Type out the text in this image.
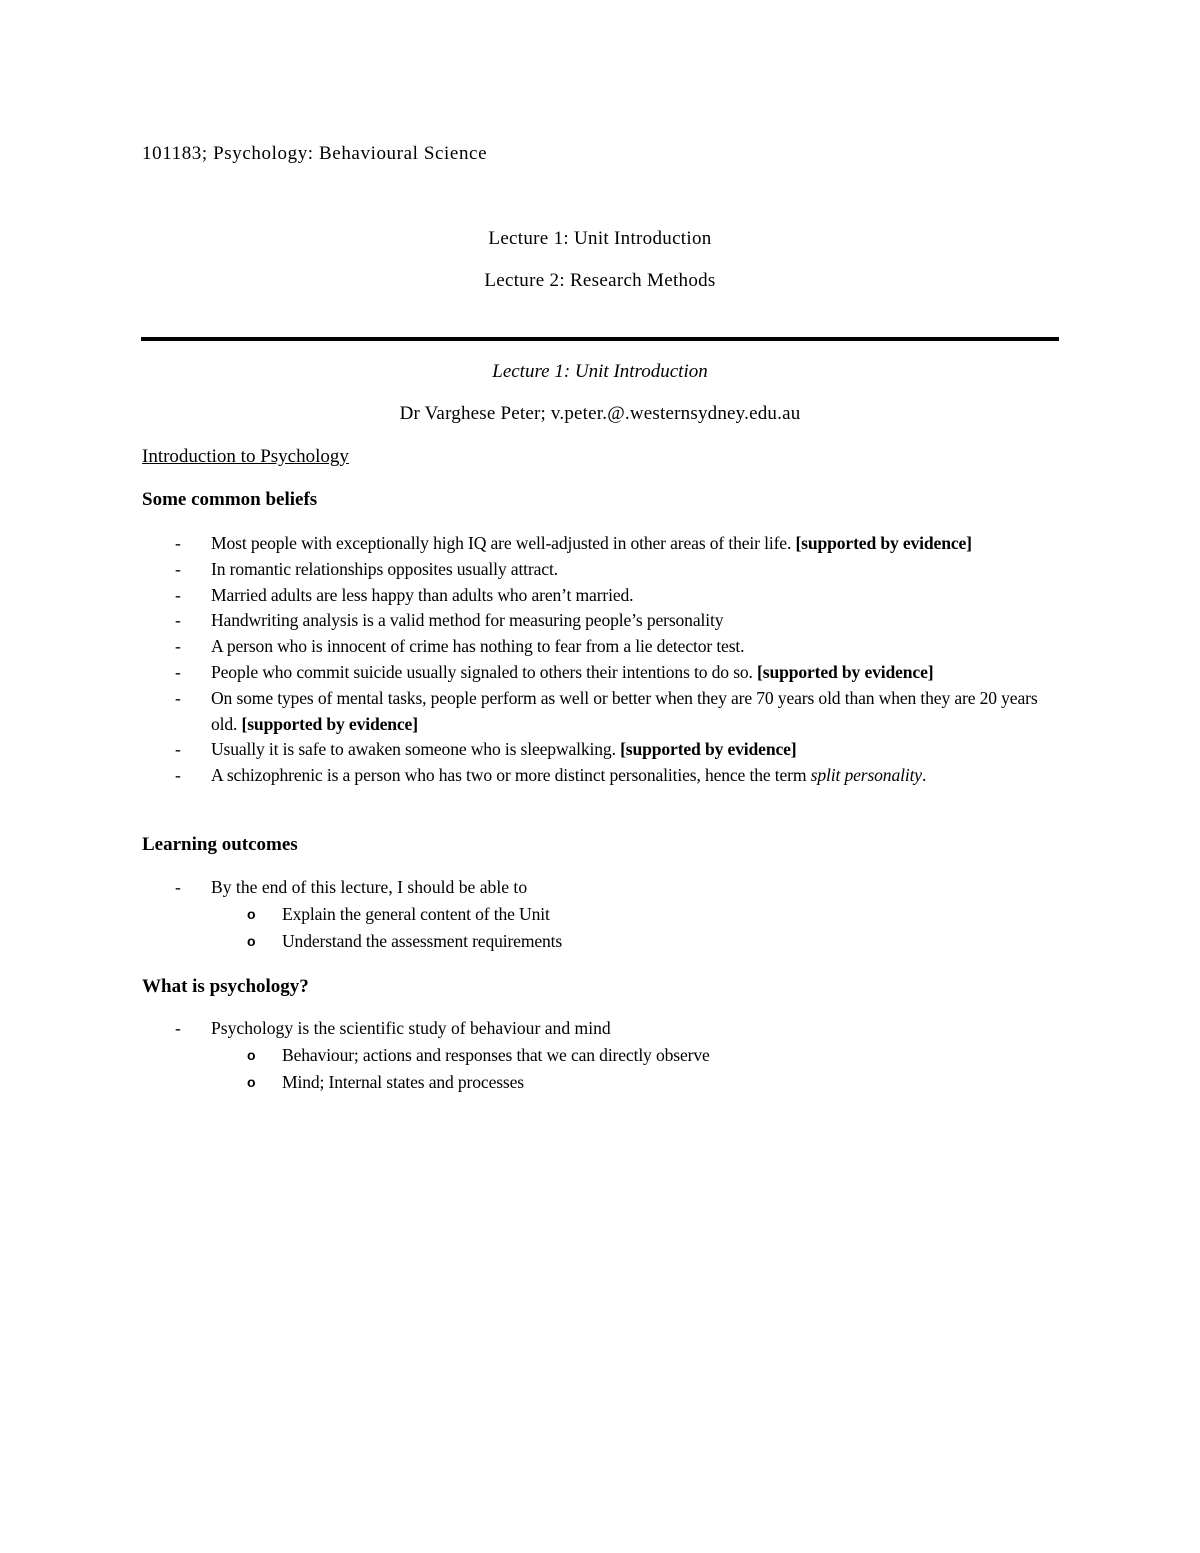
101183; Psychology: Behavioural Science
Lecture 1: Unit Introduction
Lecture 2: Research Methods
Lecture 1: Unit Introduction
Dr Varghese Peter; v.peter.@.westernsydney.edu.au
Introduction to Psychology
Some common beliefs
- Most people with exceptionally high IQ are well-adjusted in other areas of their life. [supported by evidence]
- In romantic relationships opposites usually attract.
- Married adults are less happy than adults who aren’t married.
- Handwriting analysis is a valid method for measuring people’s personality
- A person who is innocent of crime has nothing to fear from a lie detector test.
- People who commit suicide usually signaled to others their intentions to do so. [supported by evidence]
- On some types of mental tasks, people perform as well or better when they are 70 years old than when they are 20 years old. [supported by evidence]
- Usually it is safe to awaken someone who is sleepwalking. [supported by evidence]
- A schizophrenic is a person who has two or more distinct personalities, hence the term split personality.
Learning outcomes
- By the end of this lecture, I should be able to
o Explain the general content of the Unit
o Understand the assessment requirements
What is psychology?
- Psychology is the scientific study of behaviour and mind
o Behaviour; actions and responses that we can directly observe
o Mind; Internal states and processes
